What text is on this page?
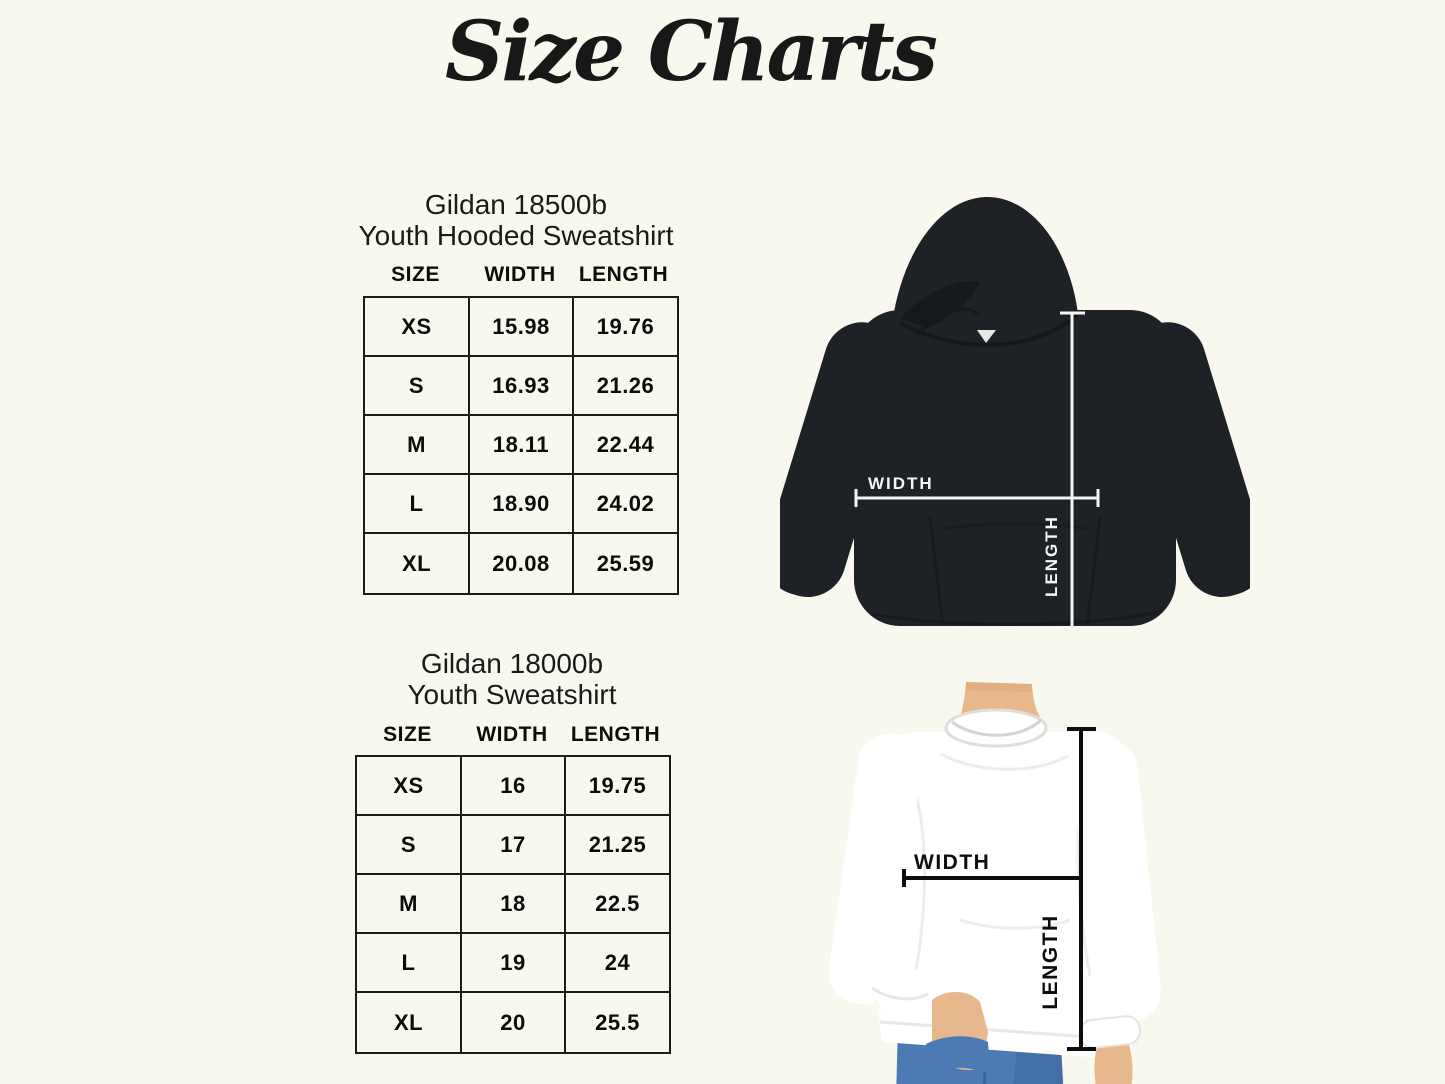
Size Charts
Gildan 18500b
Youth Hooded Sweatshirt
SIZE	WIDTH	LENGTH
XS	15.98	19.76
S	16.93	21.26
M	18.11	22.44
L	18.90	24.02
XL	20.08	25.59
Gildan 18000b
Youth Sweatshirt
SIZE	WIDTH	LENGTH
XS	16	19.75
S	17	21.25
M	18	22.5
L	19	24
XL	20	25.5
WIDTH
LENGTH
WIDTH
LENGTH
